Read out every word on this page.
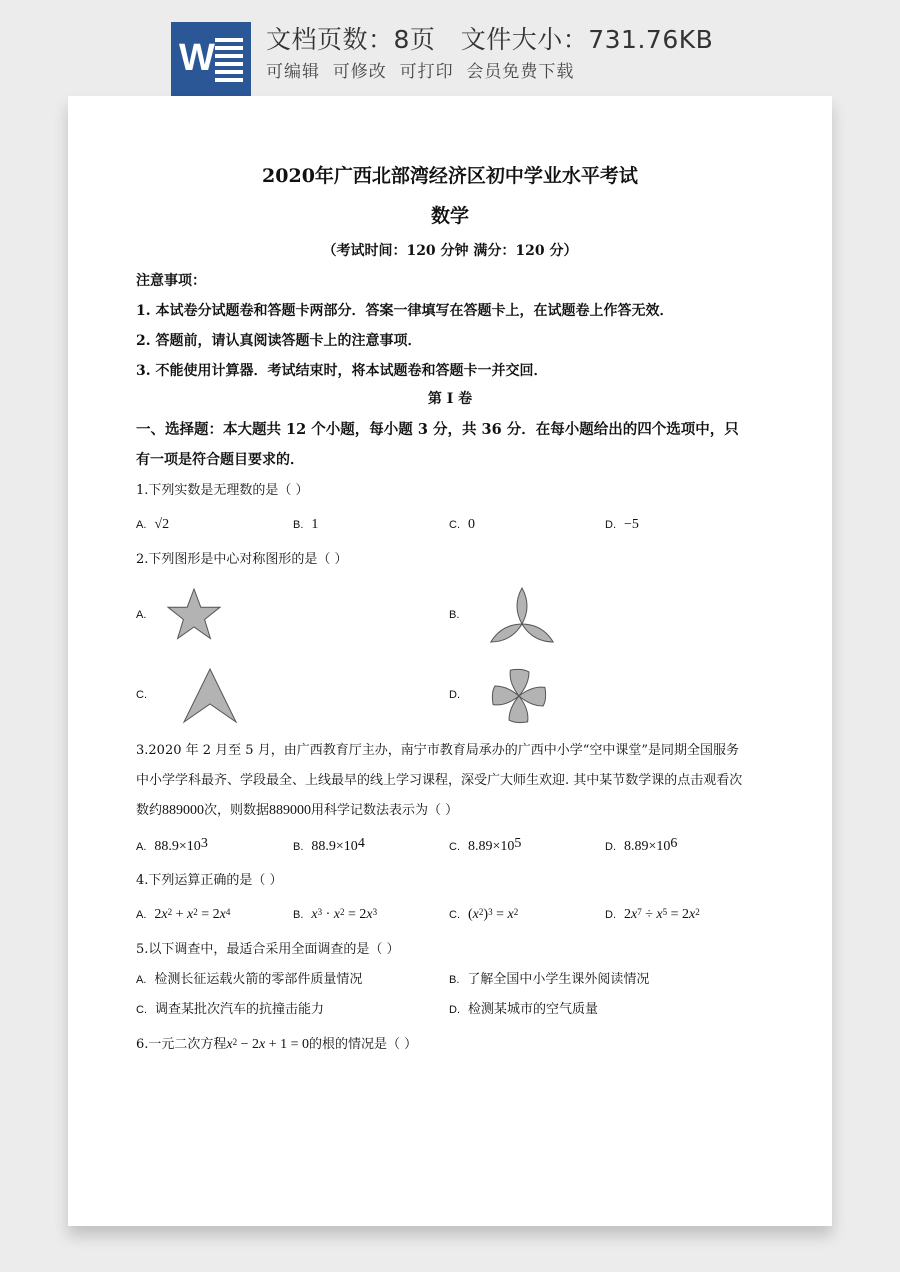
W 文档页数：8页   文件大小：731.76KB
可编辑  可修改  可打印  会员免费下载
2020年广西北部湾经济区初中学业水平考试
数学
（考试时间：120 分钟 满分：120 分）
注意事项：
1. 本试卷分试题卷和答题卡两部分．答案一律填写在答题卡上，在试题卷上作答无效．
2. 答题前，请认真阅读答题卡上的注意事项．
3. 不能使用计算器．考试结束时，将本试题卷和答题卡一并交回．
第 I 卷
一、选择题：本大题共 12 个小题，每小题 3 分，共 36 分．在每小题给出的四个选项中，只
有一项是符合题目要求的．
1.下列实数是无理数的是（ ）
A. √2	B. 1	C. 0	D. −5
2.下列图形是中心对称图形的是（ ）
A.	B.
C.	D.
3.2020 年 2 月至 5 月，由广西教育厅主办，南宁市教育局承办的广西中小学“空中课堂”是同期全国服务
中小学学科最齐、学段最全、上线最早的线上学习课程，深受广大师生欢迎. 其中某节数学课的点击观看次
数约889000次，则数据889000用科学记数法表示为（ ）
A. $88.9\times 10^3$	B. $88.9\times 10^4$	C. $8.89\times 10^5$	D. $8.89\times 10^6$
4.下列运算正确的是（ ）
A. $2x^2 + x^2 = 2x^4$	B. $x^3 \cdot x^2 = 2x^3$	C. $(x^2)^3 = x^2$	D. $2x^7 \div x^5 = 2x^2$
5.以下调查中，最适合采用全面调查的是（ ）
A. 检测长征运载火箭的零部件质量情况	B. 了解全国中小学生课外阅读情况
C. 调查某批次汽车的抗撞击能力	D. 检测某城市的空气质量
6.一元二次方程$x^2 - 2x + 1 = 0$的根的情况是（ ）
